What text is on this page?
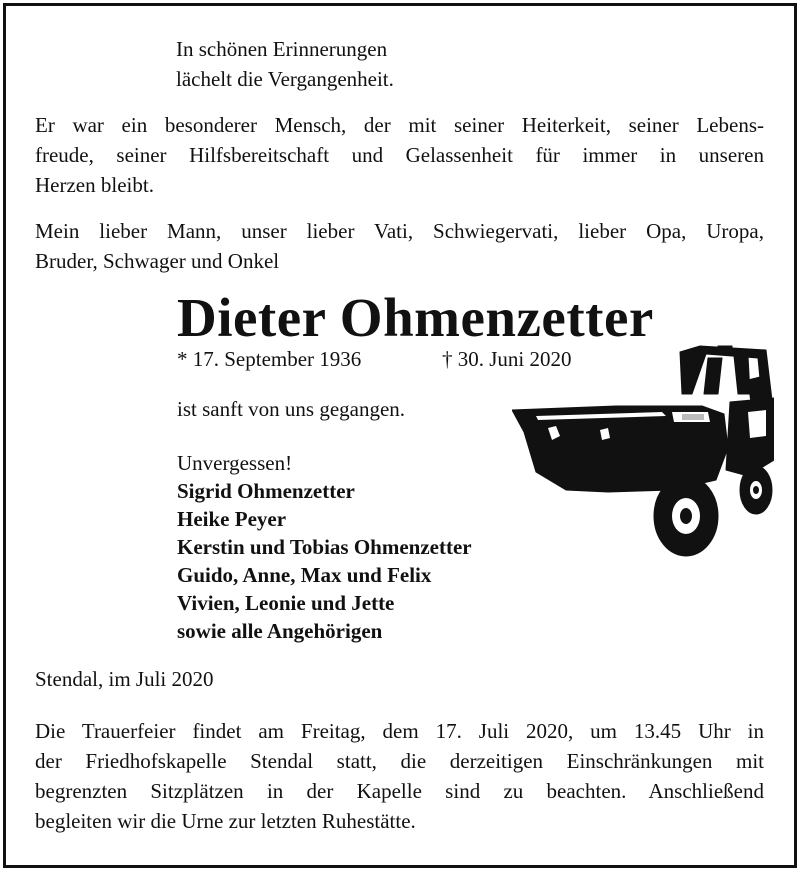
In schönen Erinnerungen
lächelt die Vergangenheit.
Er war ein besonderer Mensch, der mit seiner Heiterkeit, seiner Lebens-
freude, seiner Hilfsbereitschaft und Gelassenheit für immer in unseren
Herzen bleibt.
Mein lieber Mann, unser lieber Vati, Schwiegervati, lieber Opa, Uropa,
Bruder, Schwager und Onkel
Dieter Ohmenzetter
* 17. September 1936	† 30. Juni 2020
ist sanft von uns gegangen.
Unvergessen!
Sigrid Ohmenzetter
Heike Peyer
Kerstin und Tobias Ohmenzetter
Guido, Anne, Max und Felix
Vivien, Leonie und Jette
sowie alle Angehörigen
Stendal, im Juli 2020
Die Trauerfeier findet am Freitag, dem 17. Juli 2020, um 13.45 Uhr in
der Friedhofskapelle Stendal statt, die derzeitigen Einschränkungen mit
begrenzten Sitzplätzen in der Kapelle sind zu beachten. Anschließend
begleiten wir die Urne zur letzten Ruhestätte.
